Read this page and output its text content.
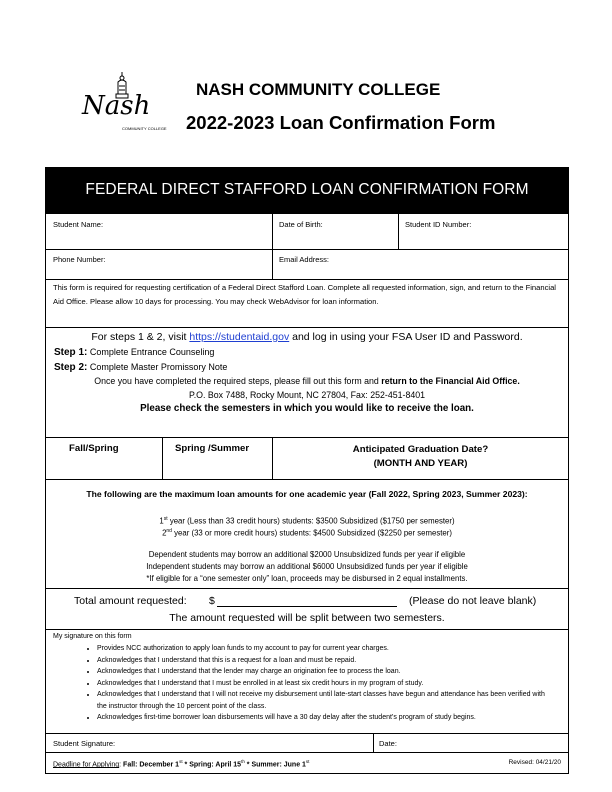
Nash
COMMUNITY COLLEGE
NASH COMMUNITY COLLEGE
2022-2023 Loan Confirmation Form
FEDERAL DIRECT STAFFORD LOAN CONFIRMATION FORM
Student Name:	Date of Birth:	Student ID Number:
Phone Number:	Email Address:
This form is required for requesting certification of a Federal Direct Stafford Loan. Complete all requested information, sign, and return to the Financial Aid Office. Please allow 10 days for processing. You may check WebAdvisor for loan information.
For steps 1 & 2, visit https://studentaid.gov and log in using your FSA User ID and Password.
Step 1: Complete Entrance Counseling
Step 2: Complete Master Promissory Note
Once you have completed the required steps, please fill out this form and return to the Financial Aid Office.
P.O. Box 7488, Rocky Mount, NC 27804, Fax: 252-451-8401
Please check the semesters in which you would like to receive the loan.
Fall/Spring	Spring /Summer	Anticipated Graduation Date?
(MONTH AND YEAR)
The following are the maximum loan amounts for one academic year (Fall 2022, Spring 2023, Summer 2023):
1st year (Less than 33 credit hours) students: $3500 Subsidized ($1750 per semester)
2nd year (33 or more credit hours) students: $4500 Subsidized ($2250 per semester)
Dependent students may borrow an additional $2000 Unsubsidized funds per year if eligible
Independent students may borrow an additional $6000 Unsubsidized funds per year if eligible
*If eligible for a “one semester only” loan, proceeds may be disbursed in 2 equal installments.
Total amount requested: $	(Please do not leave blank)
The amount requested will be split between two semesters.
My signature on this form
• Provides NCC authorization to apply loan funds to my account to pay for current year charges.
• Acknowledges that I understand that this is a request for a loan and must be repaid.
• Acknowledges that I understand that the lender may charge an origination fee to process the loan.
• Acknowledges that I understand that I must be enrolled in at least six credit hours in my program of study.
• Acknowledges that I understand that I will not receive my disbursement until late-start classes have begun and attendance has been verified with the instructor through the 10 percent point of the class.
• Acknowledges first-time borrower loan disbursements will have a 30 day delay after the student’s program of study begins.
Student Signature:	Date:
Deadline for Applying: Fall: December 1st * Spring: April 15th * Summer: June 1st	Revised: 04/21/20
